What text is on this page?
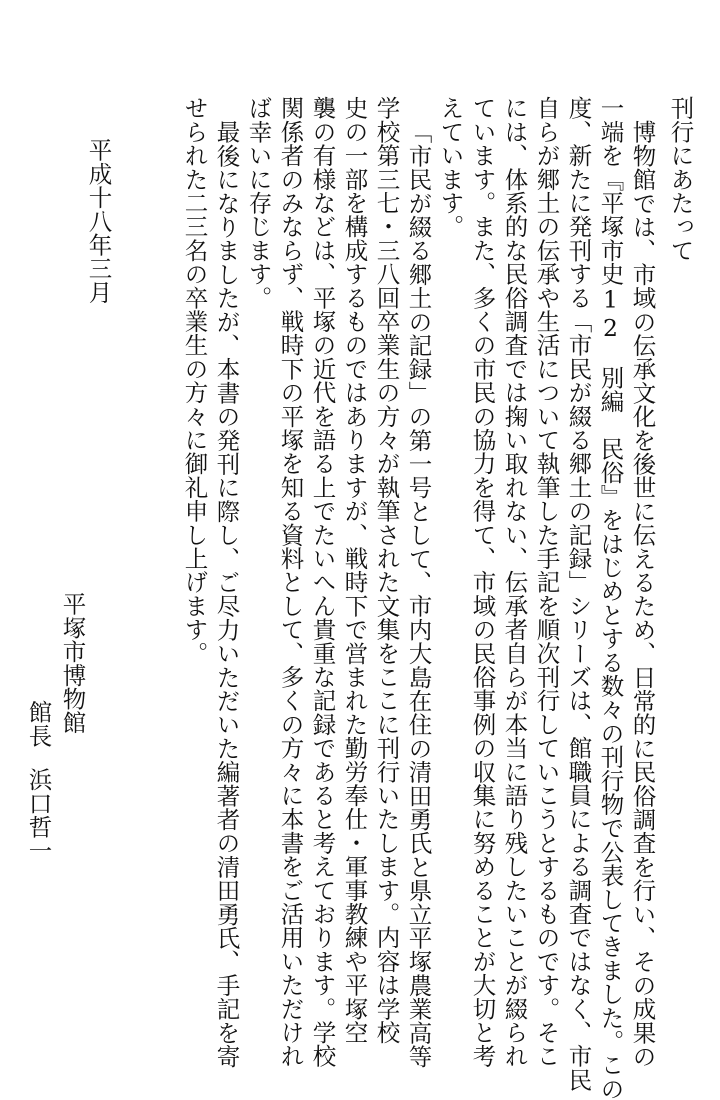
刊行にあたって
博物館では、市域の伝承文化を後世に伝えるため、日常的に民俗調査を行い、その成果の
一端を『平塚市史12　別編　民俗』をはじめとする数々の刊行物で公表してきました。この
度、新たに発刊する「市民が綴る郷土の記録」シリーズは、館職員による調査ではなく、市民
自らが郷土の伝承や生活について執筆した手記を順次刊行していこうとするものです。そこ
には、体系的な民俗調査では掬い取れない、伝承者自らが本当に語り残したいことが綴られ
ています。また、多くの市民の協力を得て、市域の民俗事例の収集に努めることが大切と考
えています。
「市民が綴る郷土の記録」の第一号として、市内大島在住の清田勇氏と県立平塚農業高等
学校第三七・三八回卒業生の方々が執筆された文集をここに刊行いたします。内容は学校
史の一部を構成するものではありますが、戦時下で営まれた勤労奉仕・軍事教練や平塚空
襲の有様などは、平塚の近代を語る上でたいへん貴重な記録であると考えております。学校
関係者のみならず、戦時下の平塚を知る資料として、多くの方々に本書をご活用いただけれ
ば幸いに存じます。
最後になりましたが、本書の発刊に際し、ご尽力いただいた編著者の清田勇氏、手記を寄
せられた二三名の卒業生の方々に御礼申し上げます。
平成十八年三月
平塚市博物館
館長浜口哲一
